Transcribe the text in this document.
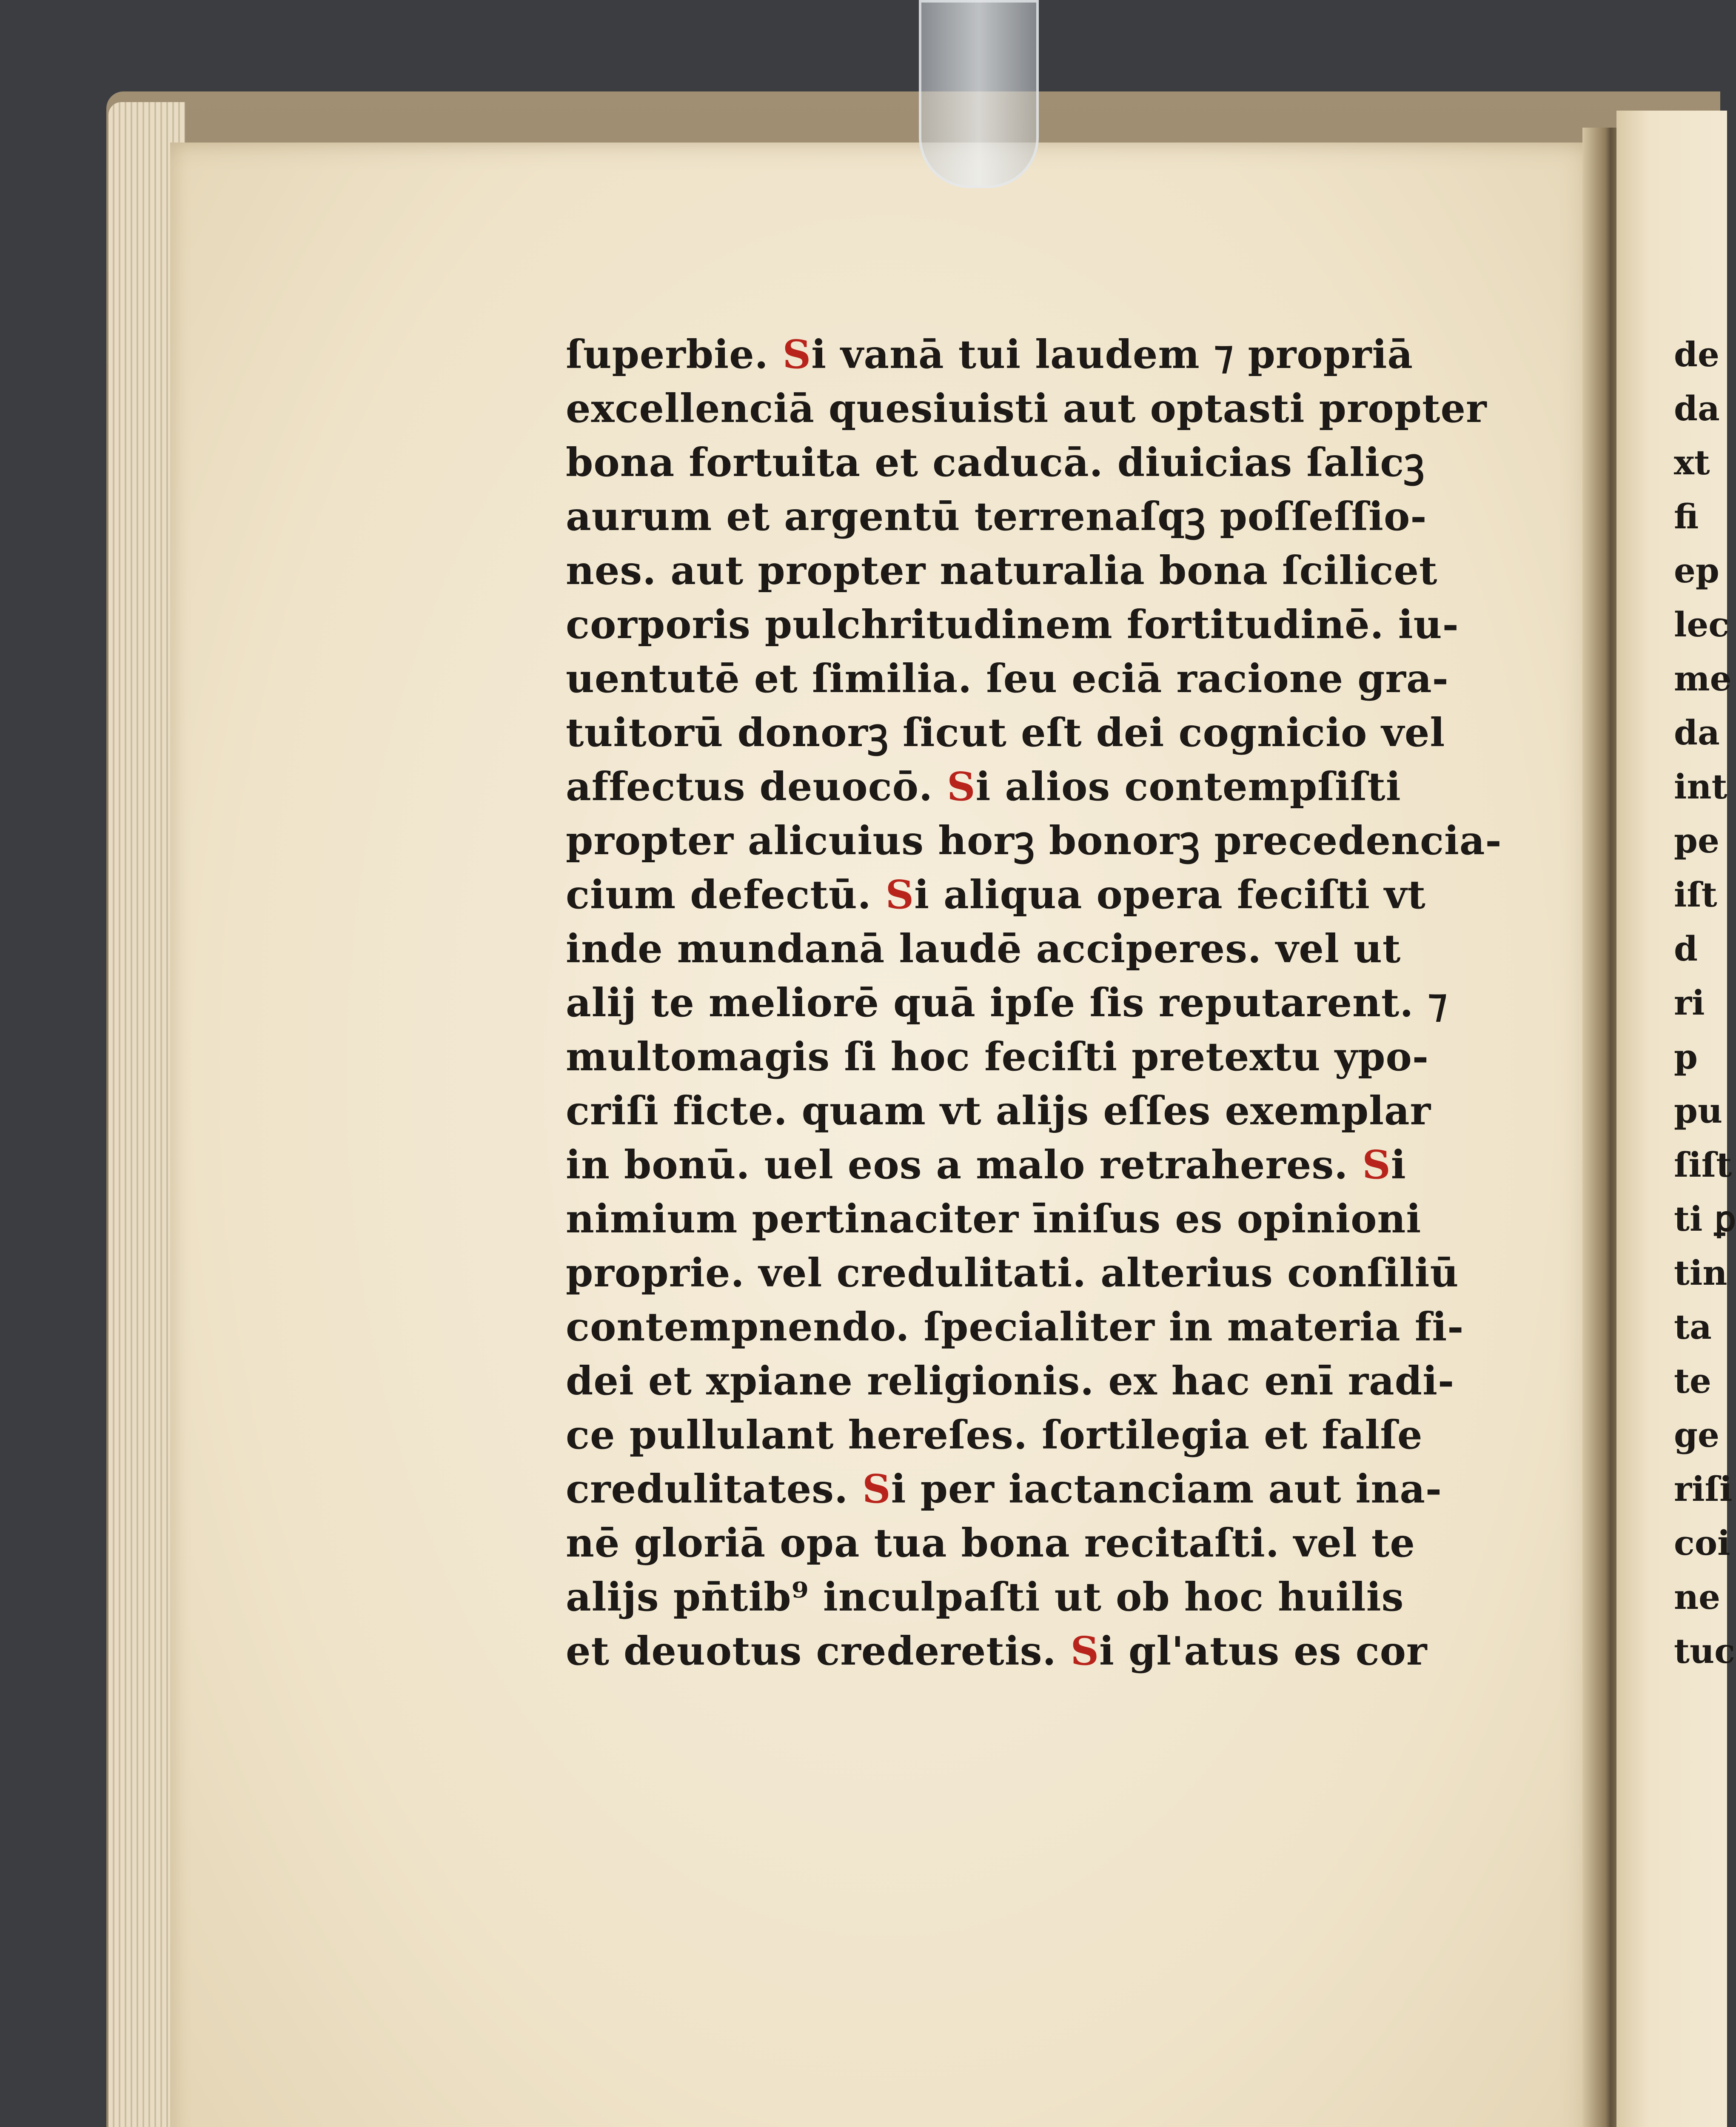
ſuperbie. Si vanā tui laudem ⁊ propriā
excellenciā quesiuisti aut optasti propter
bona fortuita et caducā. diuicias ſalicꝫ
aurum et argentū terrenaſqꝫ poſſeſſio-
nes. aut propter naturalia bona ſcilicet
corporis pulchritudinem fortitudinē. iu-
uentutē et ſimilia. ſeu eciā racione gra-
tuitorū donorꝫ ſicut eſt dei cognicio vel
affectus deuocō. Si alios contempſiſti
propter alicuius horꝫ bonorꝫ precedencia-
cium defectū. Si aliqua opera feciſti vt
inde mundanā laudē acciperes. vel ut
alij te meliorē quā ipſe ſis reputarent. ⁊
multomagis ſi hoc feciſti pretextu ypo-
criſi ficte. quam vt alijs eſſes exemplar
in bonū. uel eos a malo retraheres. Si
nimium pertinaciter īniſus es opinioni
proprie. vel credulitati. alterius conſiliū
contempnendo. ſpecialiter in materia fi-
dei et xpiane religionis. ex hac enī radi-
ce pullulant hereſes. ſortilegia et falſe
credulitates. Si per iactanciam aut ina-
nē gloriā opa tua bona recitaſti. vel te
alijs pn̄tib⁹ inculpaſti ut ob hoc huilis
et deuotus crederetis. Si gl'atus es cor
de
da
xt
fi
ep
lec
me
da
int
pe
iſt
d
ri
p
pu
ſiſt
ti ꝑ
tin
ta
te
ge
riſi
coi
ne
tuc
